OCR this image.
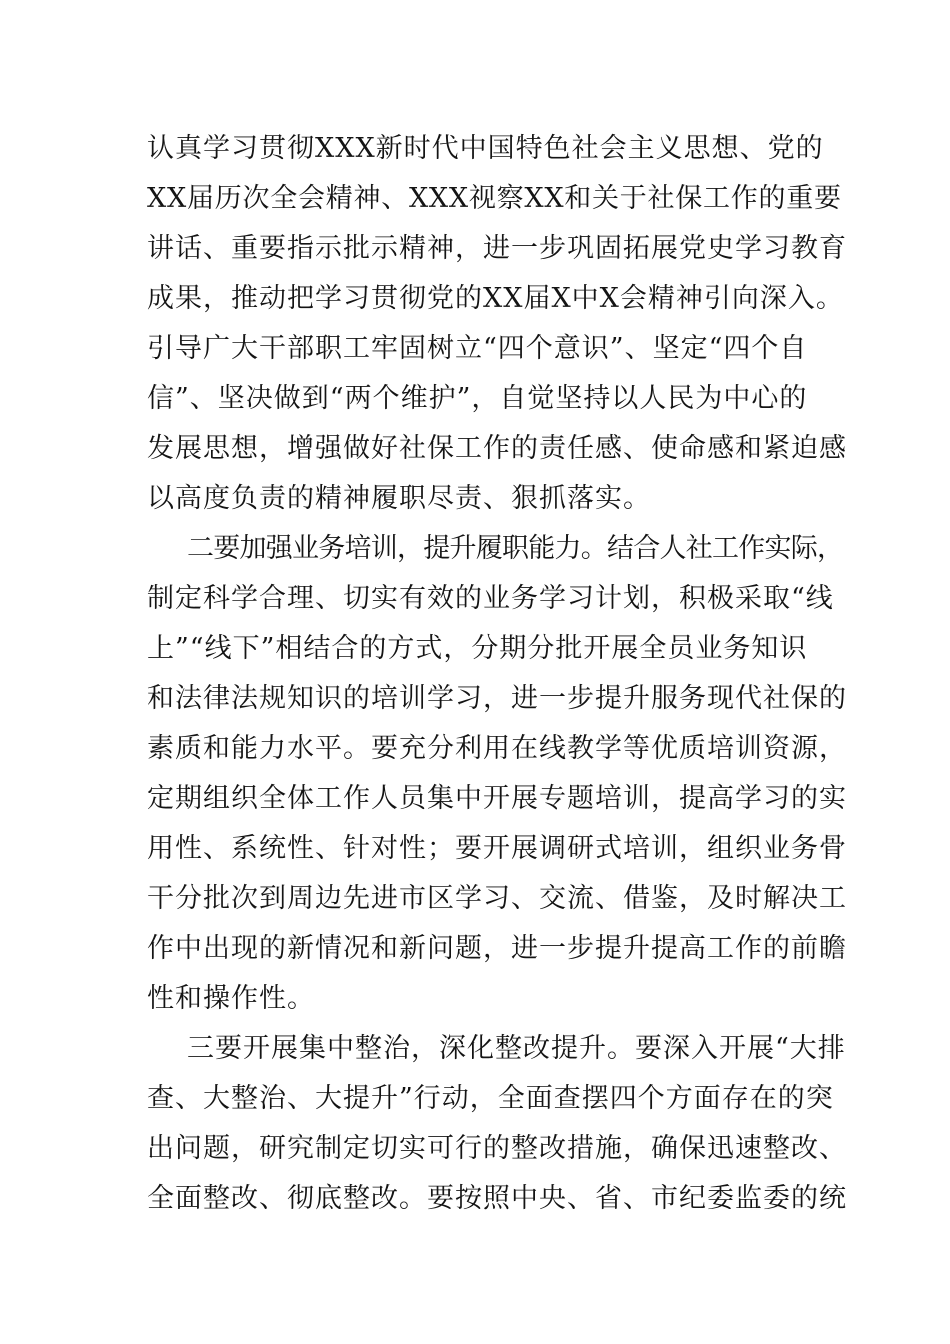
认真学习贯彻XXX新时代中国特色社会主义思想、党的
XX届历次全会精神、XXX视察XX和关于社保工作的重要
讲话、重要指示批示精神，进一步巩固拓展党史学习教育
成果，推动把学习贯彻党的XX届X中X会精神引向深入。
引导广大干部职工牢固树立“四个意识”、坚定“四个自
信”、坚决做到“两个维护”，自觉坚持以人民为中心的
发展思想，增强做好社保工作的责任感、使命感和紧迫感
以高度负责的精神履职尽责、狠抓落实。
二要加强业务培训，提升履职能力。结合人社工作实际，
制定科学合理、切实有效的业务学习计划，积极采取“线
上”“线下”相结合的方式，分期分批开展全员业务知识
和法律法规知识的培训学习，进一步提升服务现代社保的
素质和能力水平。要充分利用在线教学等优质培训资源，
定期组织全体工作人员集中开展专题培训，提高学习的实
用性、系统性、针对性；要开展调研式培训，组织业务骨
干分批次到周边先进市区学习、交流、借鉴，及时解决工
作中出现的新情况和新问题，进一步提升提高工作的前瞻
性和操作性。
三要开展集中整治，深化整改提升。要深入开展“大排
查、大整治、大提升”行动，全面查摆四个方面存在的突
出问题，研究制定切实可行的整改措施，确保迅速整改、
全面整改、彻底整改。要按照中央、省、市纪委监委的统
